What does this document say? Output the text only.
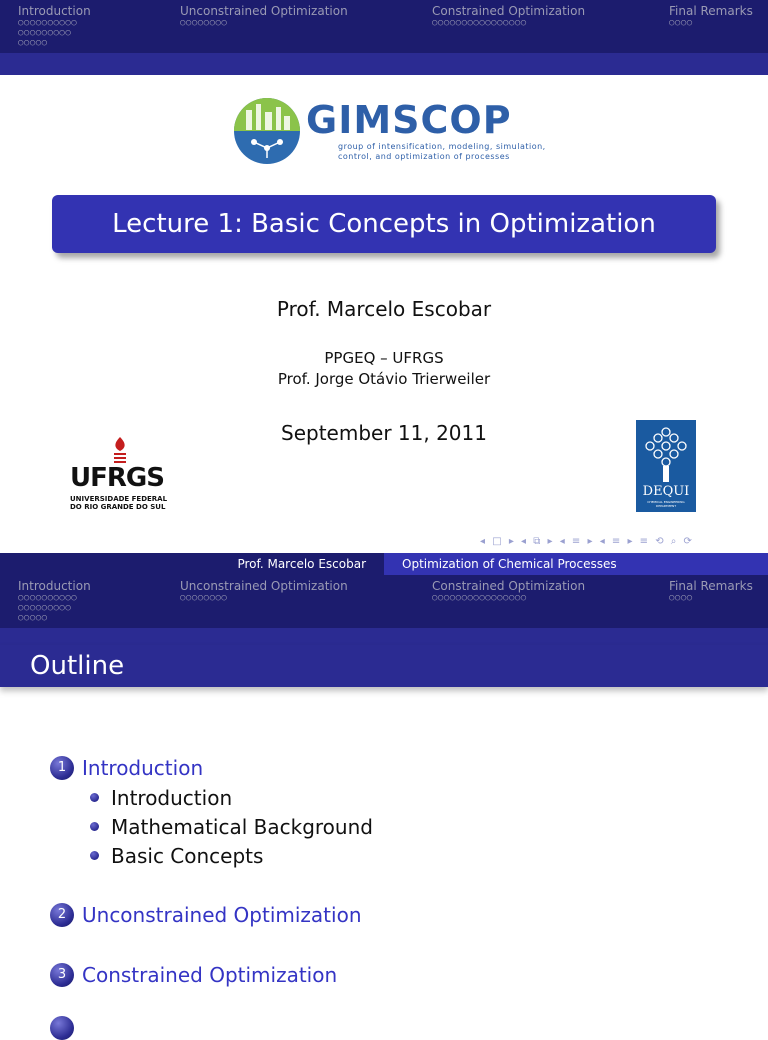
Introduction	Unconstrained Optimization	Constrained Optimization	Final Remarks
○○○○○○○○○○
○○○○○○○○○
○○○○○
○○○○○○○○	○○○○○○○○○○○○○○○○	○○○○
GIMSCOP
group of intensification, modeling, simulation,
control, and optimization of processes
Lecture 1: Basic Concepts in Optimization
Prof. Marcelo Escobar
PPGEQ – UFRGS
Prof. Jorge Otávio Trierweiler
September 11, 2011
UFRGS
UNIVERSIDADE FEDERAL
DO RIO GRANDE DO SUL
DEQUI
CHEMICAL ENGINEERING DEPARTMENT
◂ □ ▸ ◂ ⧉ ▸ ◂ ≡ ▸ ◂ ≡ ▸ ≡ ⟲ ⌕ ⟳
Prof. Marcelo Escobar	Optimization of Chemical Processes
Introduction	Unconstrained Optimization	Constrained Optimization	Final Remarks
○○○○○○○○○○
○○○○○○○○○
○○○○○
○○○○○○○○	○○○○○○○○○○○○○○○○	○○○○
Outline
1 Introduction
Introduction
Mathematical Background
Basic Concepts
2 Unconstrained Optimization
3 Constrained Optimization
